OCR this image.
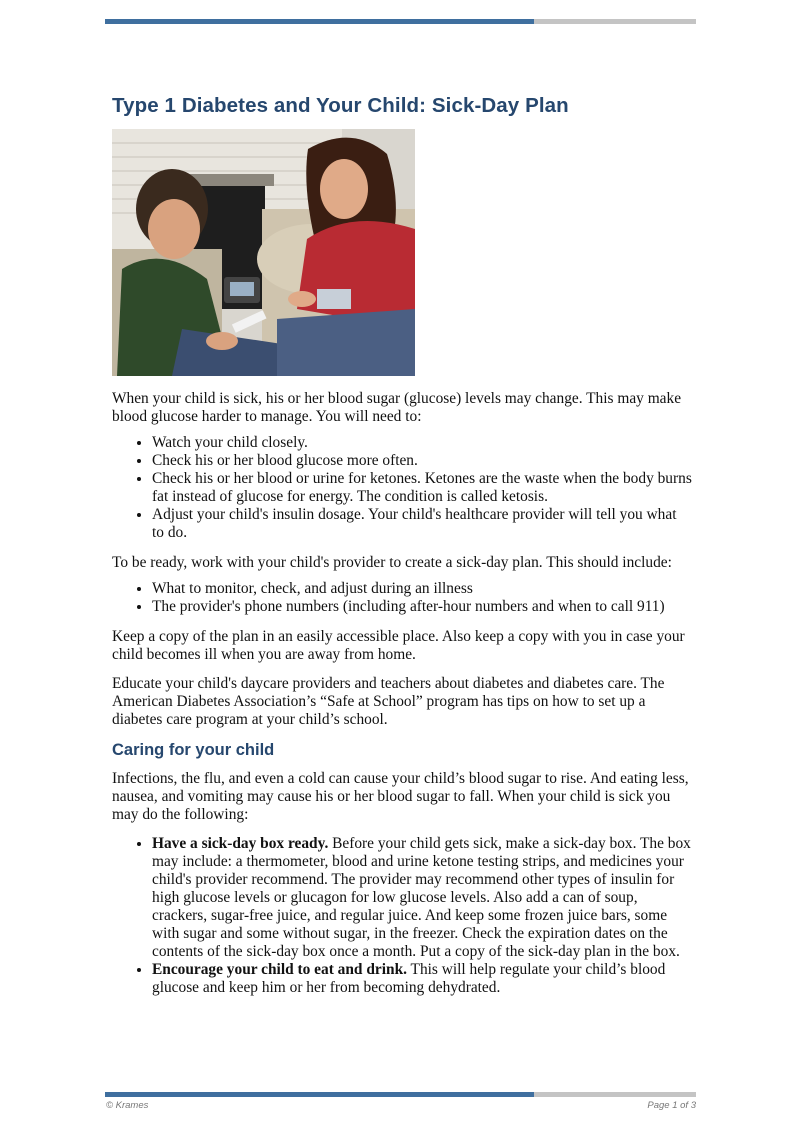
Type 1 Diabetes and Your Child: Sick-Day Plan

When your child is sick, his or her blood sugar (glucose) levels may change. This may make blood glucose harder to manage. You will need to:

• Watch your child closely.
• Check his or her blood glucose more often.
• Check his or her blood or urine for ketones. Ketones are the waste when the body burns fat instead of glucose for energy. The condition is called ketosis.
• Adjust your child's insulin dosage. Your child's healthcare provider will tell you what to do.

To be ready, work with your child's provider to create a sick-day plan. This should include:

• What to monitor, check, and adjust during an illness
• The provider's phone numbers (including after-hour numbers and when to call 911)

Keep a copy of the plan in an easily accessible place. Also keep a copy with you in case your child becomes ill when you are away from home.

Educate your child's daycare providers and teachers about diabetes and diabetes care. The American Diabetes Association’s “Safe at School” program has tips on how to set up a diabetes care program at your child’s school.

Caring for your child

Infections, the flu, and even a cold can cause your child’s blood sugar to rise. And eating less, nausea, and vomiting may cause his or her blood sugar to fall. When your child is sick you may do the following:

• Have a sick-day box ready. Before your child gets sick, make a sick-day box. The box may include: a thermometer, blood and urine ketone testing strips, and medicines your child's provider recommend. The provider may recommend other types of insulin for high glucose levels or glucagon for low glucose levels. Also add a can of soup, crackers, sugar-free juice, and regular juice. And keep some frozen juice bars, some with sugar and some without sugar, in the freezer. Check the expiration dates on the contents of the sick-day box once a month. Put a copy of the sick-day plan in the box.
• Encourage your child to eat and drink. This will help regulate your child’s blood glucose and keep him or her from becoming dehydrated.
© Krames	Page 1 of 3
